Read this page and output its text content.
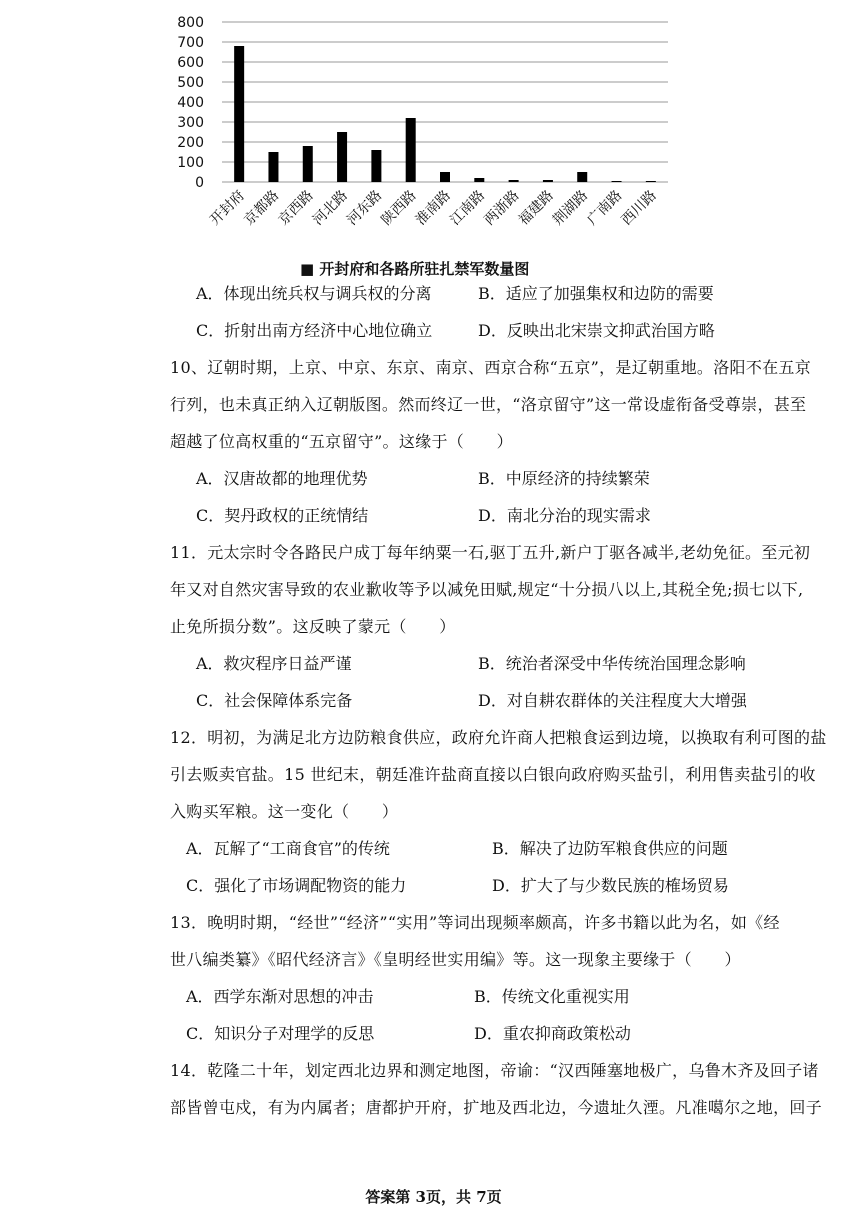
0
100
200
300
400
500
600
700
800
开封府
京都路
京西路
河北路
河东路
陕西路
淮南路
江南路
两浙路
福建路
荆湖路
广南路
西川路
■ 开封府和各路所驻扎禁军数量图
A．体现出统兵权与调兵权的分离	B．适应了加强集权和边防的需要
C．折射出南方经济中心地位确立	D．反映出北宋崇文抑武治国方略
10、辽朝时期，上京、中京、东京、南京、西京合称“五京”，是辽朝重地。洛阳不在五京
行列，也未真正纳入辽朝版图。然而终辽一世，“洛京留守”这一常设虚衔备受尊崇，甚至
超越了位高权重的“五京留守”。这缘于（　　）
A．汉唐故都的地理优势	B．中原经济的持续繁荣
C．契丹政权的正统情结	D．南北分治的现实需求
11．元太宗时令各路民户成丁每年纳粟一石,驱丁五升,新户丁驱各减半,老幼免征。至元初
年又对自然灾害导致的农业歉收等予以减免田赋,规定“十分损八以上,其税全免;损七以下,
止免所损分数”。这反映了蒙元（　　）
A．救灾程序日益严谨	B．统治者深受中华传统治国理念影响
C．社会保障体系完备	D．对自耕农群体的关注程度大大增强
12．明初，为满足北方边防粮食供应，政府允许商人把粮食运到边境，以换取有利可图的盐
引去贩卖官盐。15 世纪末，朝廷准许盐商直接以白银向政府购买盐引，利用售卖盐引的收
入购买军粮。这一变化（　　）
A．瓦解了“工商食官”的传统	B．解决了边防军粮食供应的问题
C．强化了市场调配物资的能力	D．扩大了与少数民族的榷场贸易
13．晚明时期，“经世”“经济”“实用”等词出现频率颇高，许多书籍以此为名，如《经
世八编类纂》《昭代经济言》《皇明经世实用编》等。这一现象主要缘于（　　）
A．西学东渐对思想的冲击	B．传统文化重视实用
C．知识分子对理学的反思	D．重农抑商政策松动
14．乾隆二十年，划定西北边界和测定地图，帝谕：“汉西陲塞地极广，乌鲁木齐及回子诸
部皆曾屯戍，有为内属者；唐都护开府，扩地及西北边，今遗址久湮。凡准噶尔之地，回子
答案第 3页，共 7页
